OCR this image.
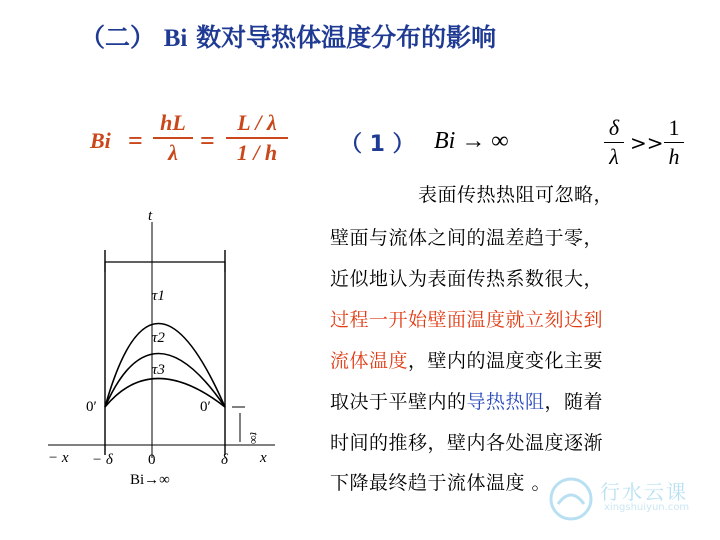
（二） Bi 数对导热体温度分布的影响
Bi =
hL
λ =
L / λ
1 / h	（ 1 ） Bi → ∞
δ
λ
>>
1
h
表面传热热阻可忽略，
壁面与流体之间的温差趋于零，
近似地认为表面传热系数很大，
过程一开始壁面温度就立刻达到
流体温度，壁内的温度变化主要
取决于平壁内的导热热阻，随着
时间的推移，壁内各处温度逐渐
下降最终趋于流体温度 。
t
τ1
τ2
τ3
0′	0′
t∞
− x − δ 0	δ x
Bi→∞	行水云课
xingshuiyun.com
